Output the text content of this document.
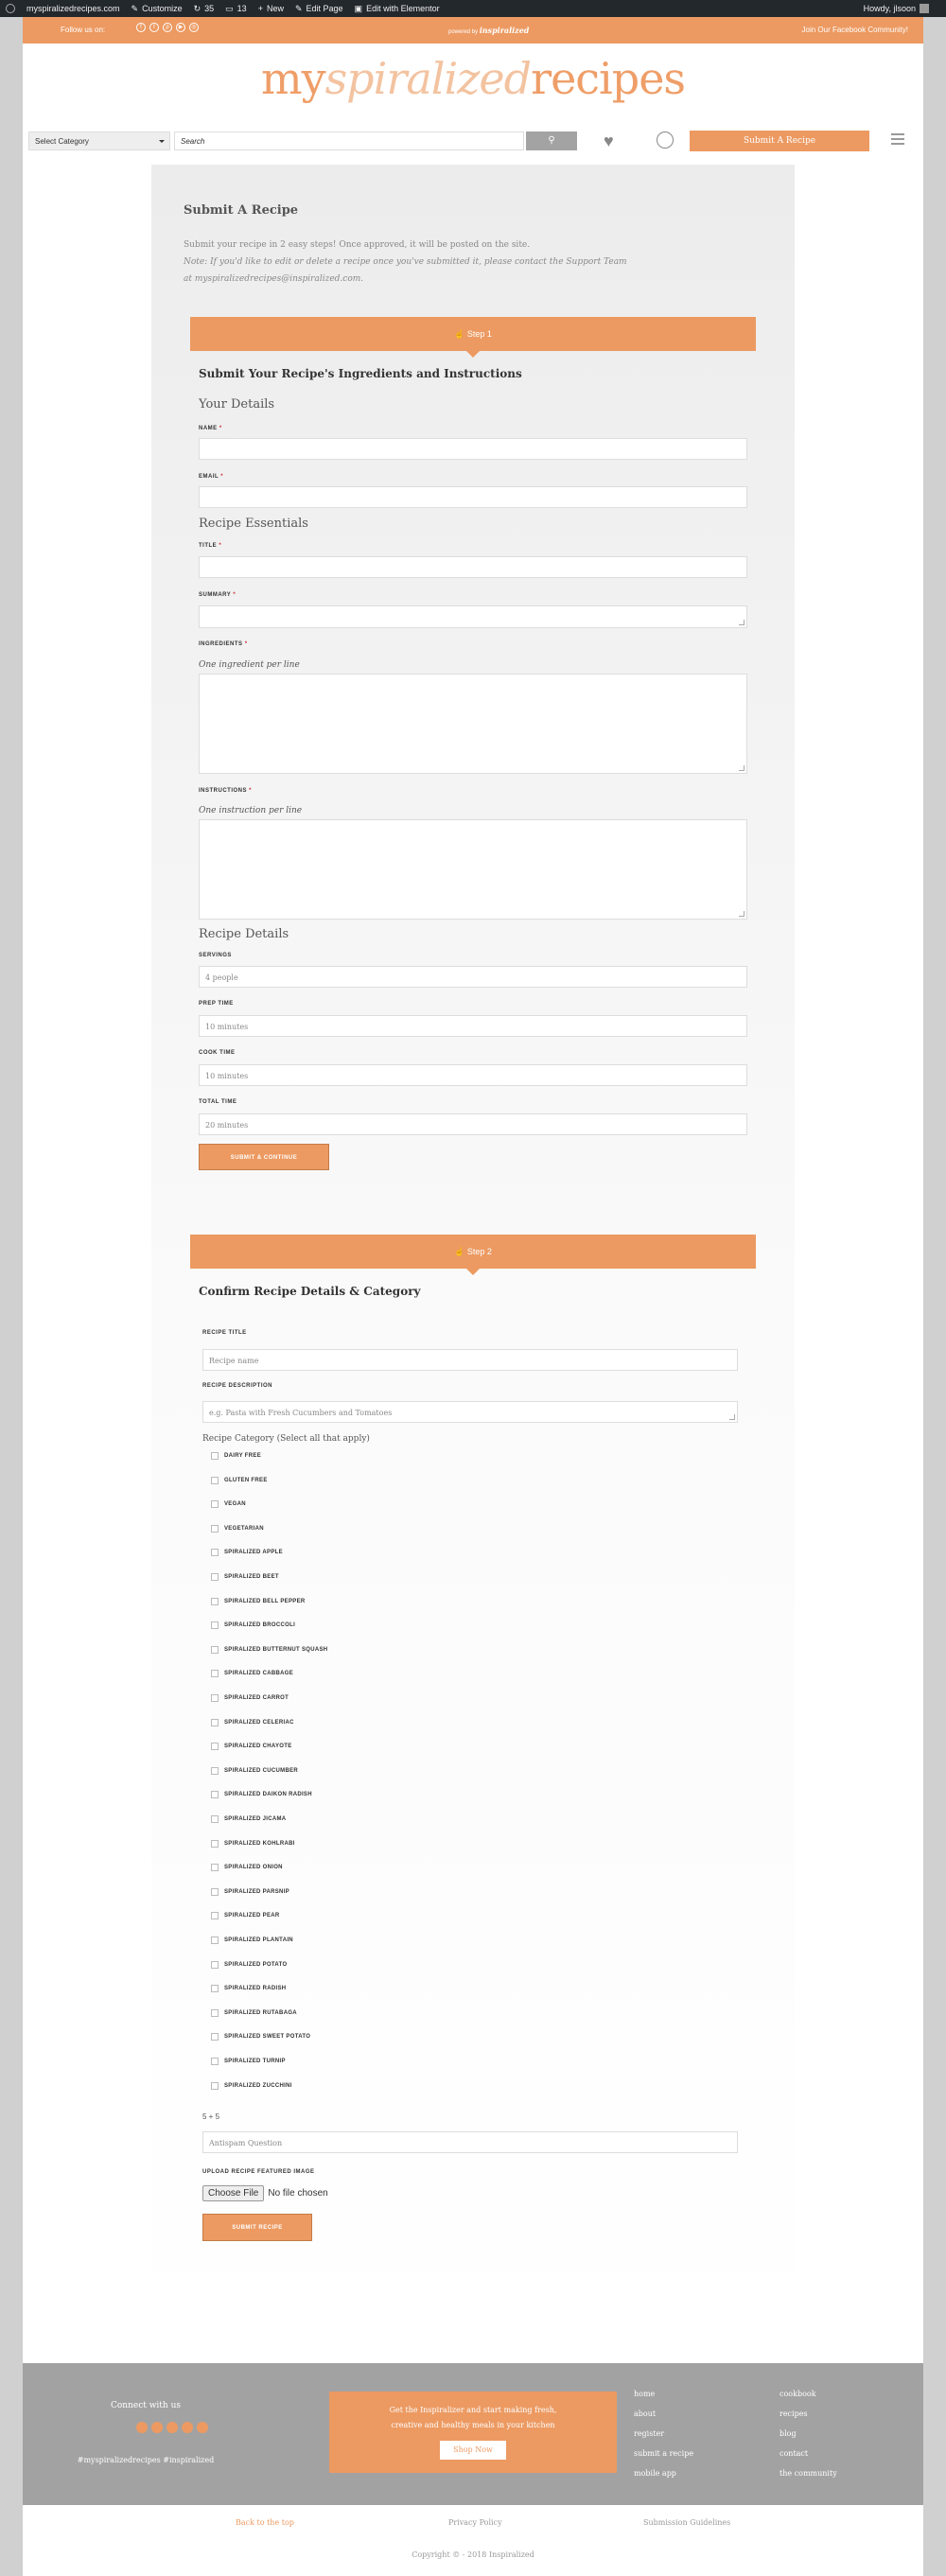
myspiralizedrecipes.com ✎ Customize ↻ 35 ▭ 13 + New ✎ Edit Page ▣ Edit with Elementor	Howdy, jlsoon
Follow us on:	f	t	p	▶	◎
powered by inspiralized	Join Our Facebook Community!
myspiralizedrecipes
Select Category	Search	⚲	♥	Submit A Recipe
Submit A Recipe
Submit your recipe in 2 easy steps! Once approved, it will be posted on the site.
Note: If you'd like to edit or delete a recipe once you've submitted it, please contact the Support Team
at myspiralizedrecipes@inspiralized.com.
☝ Step 1
Submit Your Recipe's Ingredients and Instructions
Your Details
NAME *
EMAIL *
Recipe Essentials
TITLE *
SUMMARY *
INGREDIENTS *
One ingredient per line
INSTRUCTIONS *
One instruction per line
Recipe Details
SERVINGS
4 people
PREP TIME
10 minutes
COOK TIME
10 minutes
TOTAL TIME
20 minutes
SUBMIT & CONTINUE
☝ Step 2
Confirm Recipe Details & Category
RECIPE TITLE
Recipe name
RECIPE DESCRIPTION
e.g. Pasta with Fresh Cucumbers and Tomatoes
Recipe Category (Select all that apply)
DAIRY FREE
GLUTEN FREE
VEGAN
VEGETARIAN
SPIRALIZED APPLE
SPIRALIZED BEET
SPIRALIZED BELL PEPPER
SPIRALIZED BROCCOLI
SPIRALIZED BUTTERNUT SQUASH
SPIRALIZED CABBAGE
SPIRALIZED CARROT
SPIRALIZED CELERIAC
SPIRALIZED CHAYOTE
SPIRALIZED CUCUMBER
SPIRALIZED DAIKON RADISH
SPIRALIZED JICAMA
SPIRALIZED KOHLRABI
SPIRALIZED ONION
SPIRALIZED PARSNIP
SPIRALIZED PEAR
SPIRALIZED PLANTAIN
SPIRALIZED POTATO
SPIRALIZED RADISH
SPIRALIZED RUTABAGA
SPIRALIZED SWEET POTATO
SPIRALIZED TURNIP
SPIRALIZED ZUCCHINI
5 + 5
Antispam Question
UPLOAD RECIPE FEATURED IMAGE
Choose File	No file chosen
SUBMIT RECIPE
Connect with us
#myspiralizedrecipes #inspiralized
Get the Inspiralizer and start making fresh,
creative and healthy meals in your kitchen
Shop Now
home
about
register
submit a recipe
mobile app
cookbook
recipes
blog
contact
the community
Back to the top	Privacy Policy	Submission Guidelines
Copyright © - 2018 Inspiralized
